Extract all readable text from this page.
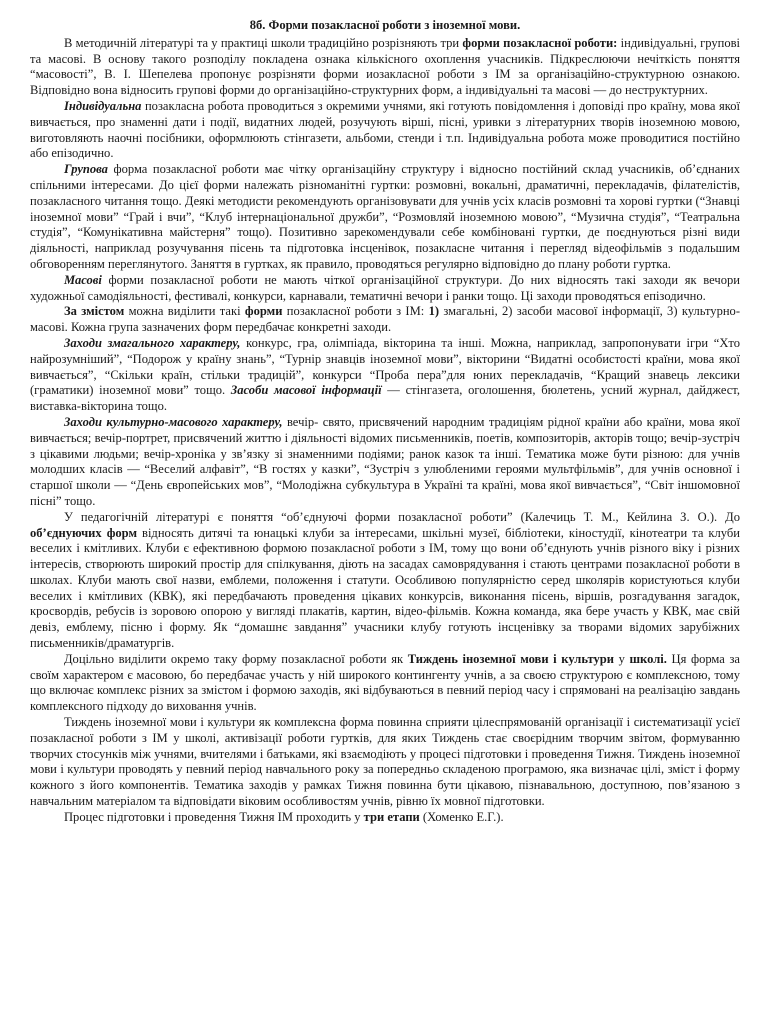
8б. Форми позакласної роботи з іноземної мови.

В методичній літературі та у практиці школи традиційно розрізняють три форми позакласної роботи: індивідуальні, групові та масові. В основу такого розподілу покладена ознака кількісного охоплення учасників. Підкреслюючи нечіткість поняття “масовості”, В. І. Шепелева пропонує розрізняти форми иозакласної роботи з ІМ за організаційно-структурною ознакою. Відповідно вона відносить групові форми до організаційно-структурних форм, а індивідуальні та масові — до неструктурних.

Індивідуальна позакласна робота проводиться з окремими учнями, які готують повідомлення і доповіді про країну, мова якої вивчається, про знаменні дати і події, видатних людей, розучують вірші, пісні, уривки з літературних творів іноземною мовою, виготовляють наочні посібники, оформлюють стінгазети, альбоми, стенди і т.п. Індивідуальна робота може проводитися постійно або епізодично.

Групова форма позакласної роботи має чітку організаційну структуру і відносно постійний склад учасників, об’єднаних спільними інтересами. До цієї форми належать різноманітні гуртки: розмовні, вокальні, драматичні, перекладачів, філателістів, позакласного читання тощо. Деякі методисти рекомендують організовувати для учнів усіх класів розмовні та хорові гуртки (“Знавці іноземної мови” “Грай і вчи”, “Клуб інтернаціональної дружби”, “Розмовляй іноземною мовою”, “Музична студія”, “Театральна студія”, “Комунікативна майстерня” тощо). Позитивно зарекомендували себе комбіновані гуртки, де поєднуються різні види діяльності, наприклад розучування пісень та підготовка інсценівок, позакласне читання і перегляд відеофільмів з подальшим обговоренням переглянутого. Заняття в гуртках, як правило, проводяться регулярно відповідно до плану роботи гуртка.

Масові форми позакласної роботи не мають чіткої організаційної структури. До них відносять такі заходи як вечори художньої самодіяльності, фестивалі, конкурси, карнавали, тематичні вечори і ранки тощо. Ці заходи проводяться епізодично.

За змістом можна виділити такі форми позакласної роботи з ІМ: 1) змагальні, 2) засоби масової інформації, 3) культурно-масові. Кожна група зазначених форм передбачає конкретні заходи.

Заходи змагального характеру, конкурс, гра, олімпіада, вікторина та інші. Можна, наприклад, запропонувати ігри “Хто найрозумніший”, “Подорож у країну знань”, “Турнір знавців іноземної мови”, вікторини “Видатні особистості країни, мова якої вивчається”, “Скільки країн, стільки традицій”, конкурси “Проба пера”для юних перекладачів, “Кращий знавець лексики (граматики) іноземної мови” тощо. Засоби масової інформації — стінгазета, оголошення, бюлетень, усний журнал, дайджест, виставка-вікторина тощо.

Заходи культурно-масового характеру, вечір- свято, присвячений народним традиціям рідної країни або країни, мова якої вивчається; вечір-портрет, присвячений життю і діяльності відомих письменників, поетів, композиторів, акторів тощо; вечір-зустріч з цікавими людьми; вечір-хроніка у зв’язку зі знаменними подіями; ранок казок та інші. Тематика може бути різною: для учнів молодших класів — “Веселий алфавіт”, “В гостях у казки”, “Зустріч з улюбленими героями мультфільмів”, для учнів основної і старшої школи — “День європейських мов”, “Молодіжна субкультура в Україні та країні, мова якої вивчається”, “Світ іншомовної пісні” тощо.

У педагогічній літературі є поняття “об’єднуючі форми позакласної роботи” (Калечиць Т. М., Кейлина З. О.). До об’єднуючих форм відносять дитячі та юнацькі клуби за інтересами, шкільні музеї, бібліотеки, кіностудії, кінотеатри та клуби веселих і кмітливих. Клуби є ефективною формою позакласної роботи з ІМ, тому що вони об’єднують учнів різного віку і різних інтересів, створюють широкий простір для спілкування, діють на засадах самоврядування і стають центрами позакласної роботи в школах. Клуби мають свої назви, емблеми, положення і статути. Особливою популярністю серед школярів користуються клуби веселих і кмітливих (КВК), які передбачають проведення цікавих конкурсів, виконання пісень, віршів, розгадування загадок, кросвордів, ребусів із зоровою опорою у вигляді плакатів, картин, відео-фільмів. Кожна команда, яка бере участь у КВК, має свій девіз, емблему, пісню і форму. Як “домашнє завдання” учасники клубу готують інсценівку за творами відомих зарубіжних письменників/драматургів.

Доцільно виділити окремо таку форму позакласної роботи як Тиждень іноземної мови і культури у школі. Ця форма за своїм характером є масовою, бо передбачає участь у ній широкого контингенту учнів, а за своєю структурою є комплексною, тому що включає комплекс різних за змістом і формою заходів, які відбуваються в певний період часу і спрямовані на реалізацію завдань комплексного підходу до виховання учнів.

Тиждень іноземної мови і культури як комплексна форма повинна сприяти цілеспрямованій організації і систематизації усієї позакласної роботи з ІМ у школі, активізації роботи гуртків, для яких Тиждень стає своєрідним творчим звітом, формуванню творчих стосунків між учнями, вчителями і батьками, які взаємодіють у процесі підготовки і проведення Тижня. Тиждень іноземної мови і культури проводять у певний період навчального року за попередньо складеною програмою, яка визначає цілі, зміст і форму кожного з його компонентів. Тематика заходів у рамках Тижня повинна бути цікавою, пізнавальною, доступною, пов’язаною з навчальним матеріалом та відповідати віковим особливостям учнів, рівню їх мовної підготовки.

Процес підготовки і проведення Тижня ІМ проходить у три етапи (Хоменко Е.Г.).
